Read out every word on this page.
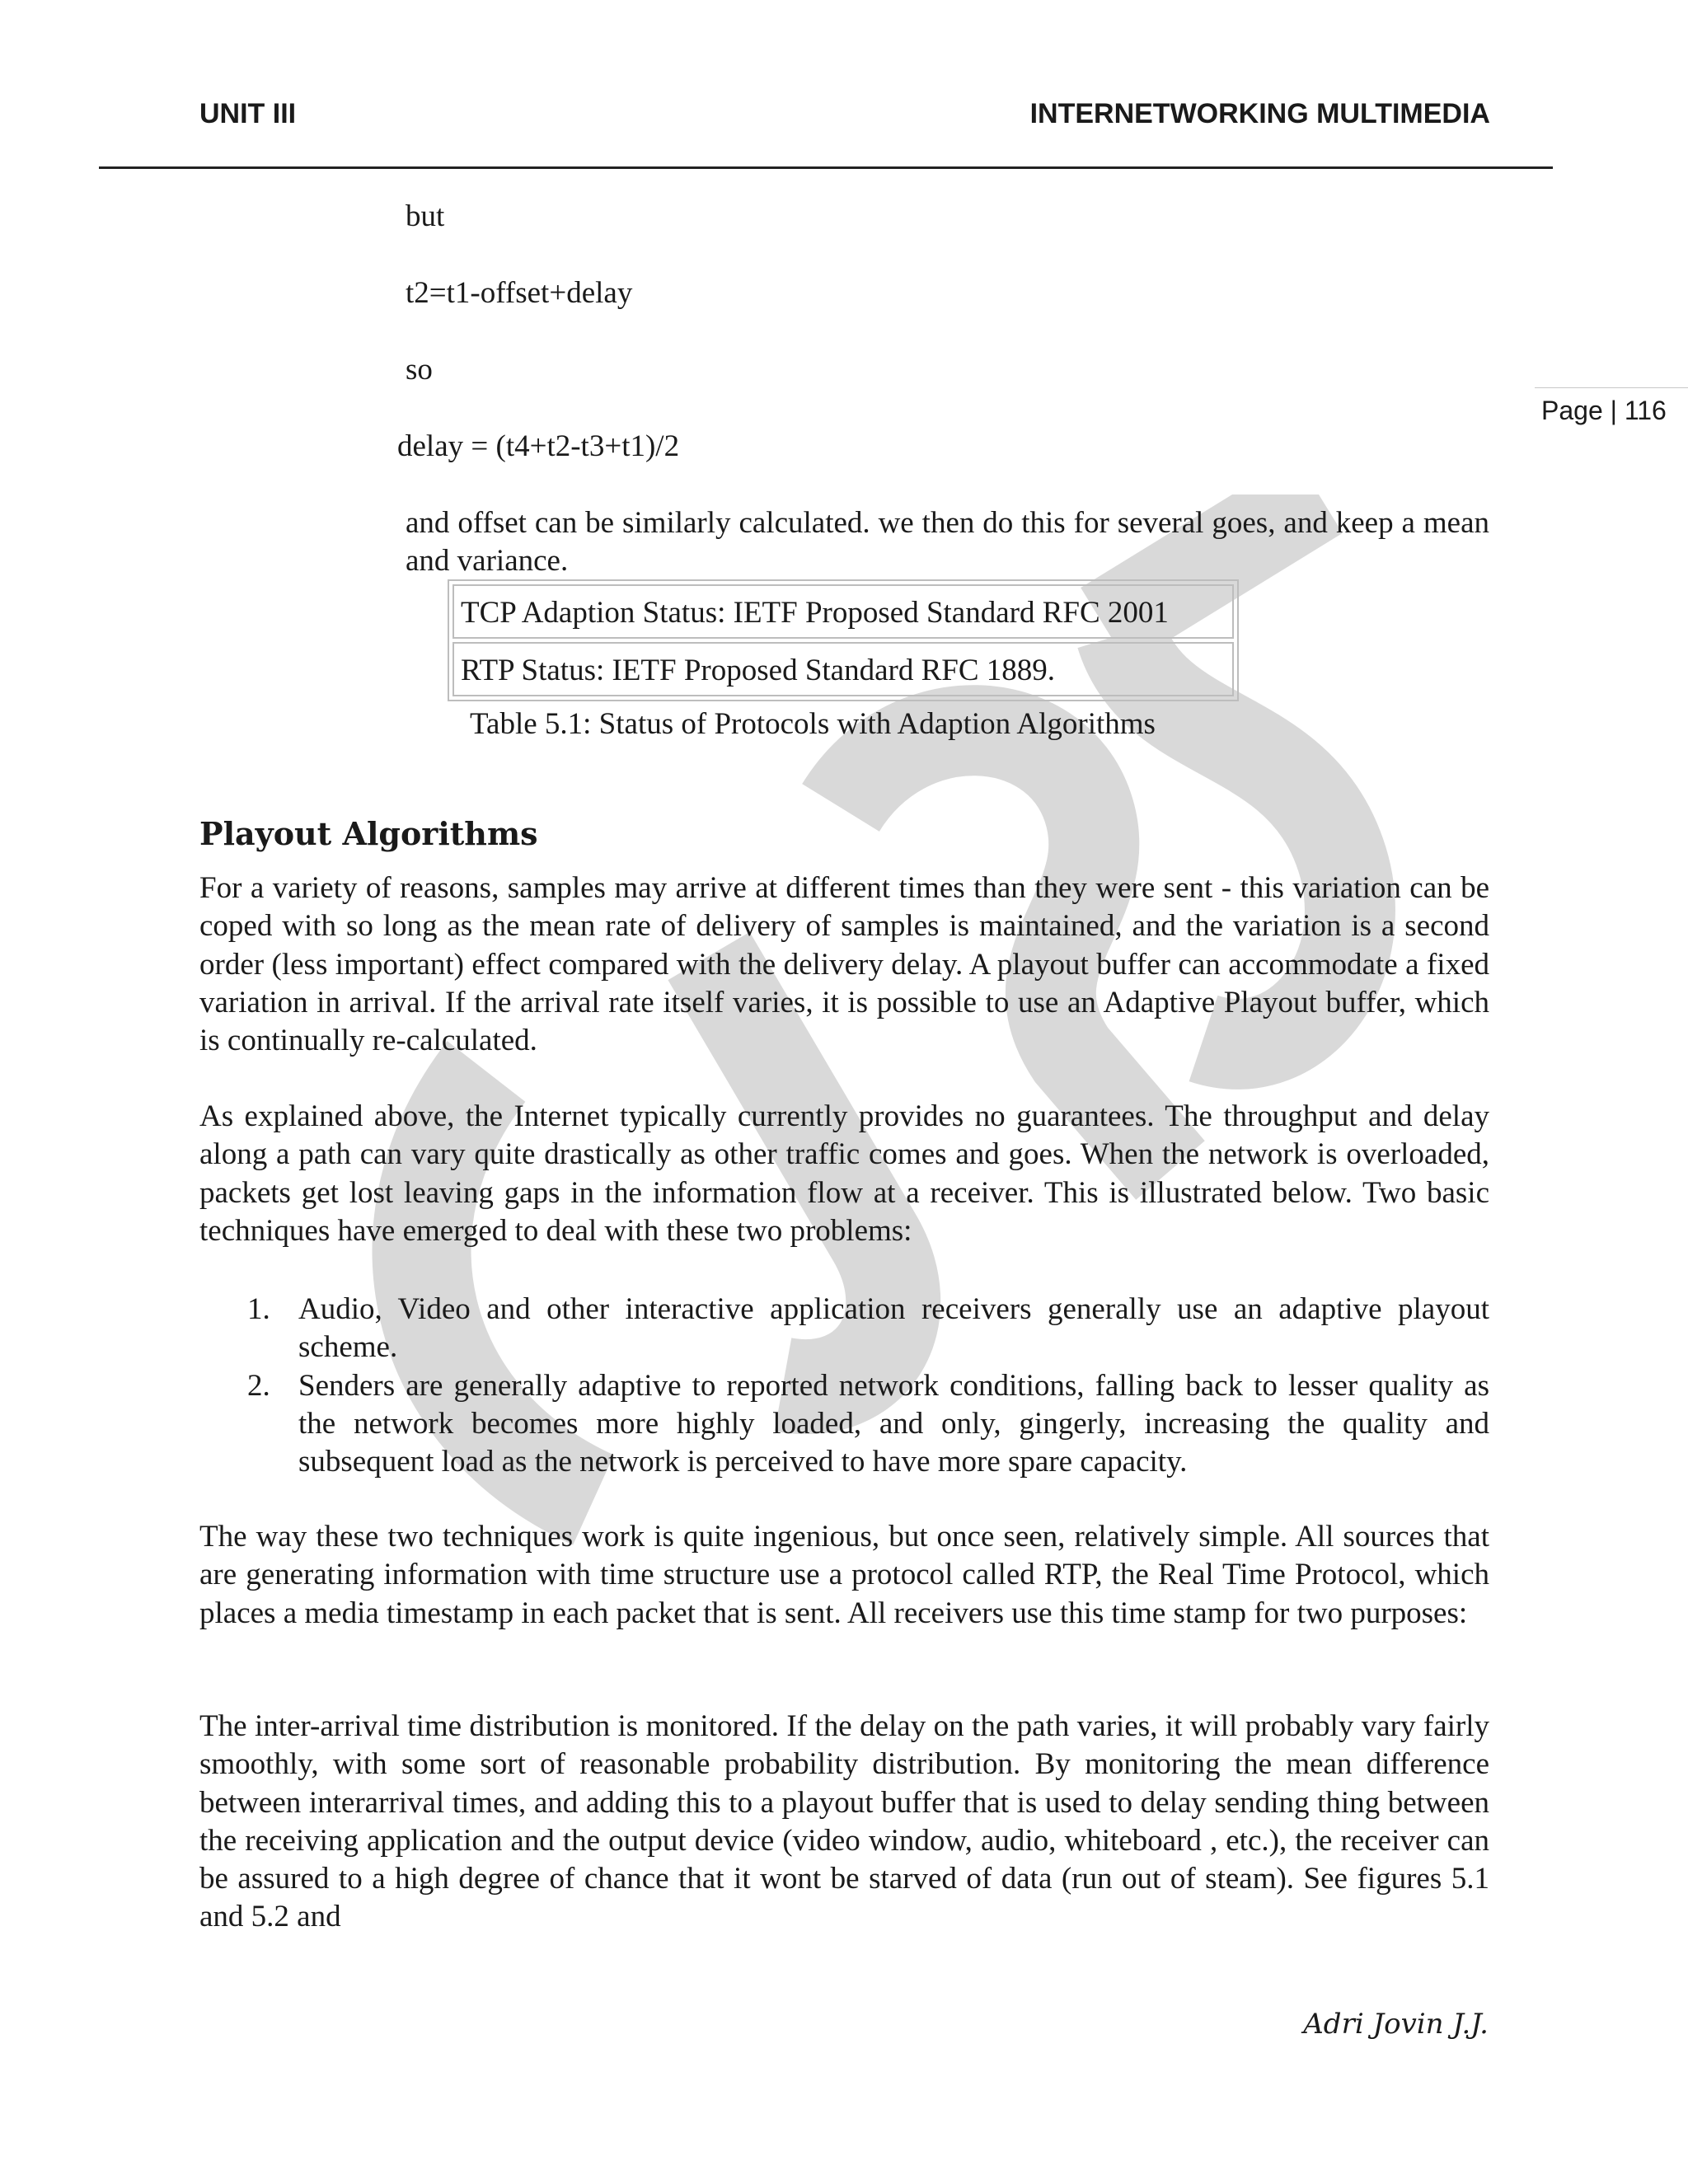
UNIT III	INTERNETWORKING MULTIMEDIA
Page | 116
but
t2=t1-offset+delay
so
delay = (t4+t2-t3+t1)/2
and offset can be similarly calculated. we then do this for several goes, and keep a mean and variance.
TCP Adaption Status: IETF Proposed Standard RFC 2001
RTP Status: IETF Proposed Standard RFC 1889.
Table 5.1: Status of Protocols with Adaption Algorithms
Playout Algorithms
For a variety of reasons, samples may arrive at different times than they were sent - this variation can be coped with so long as the mean rate of delivery of samples is maintained, and the variation is a second order (less important) effect compared with the delivery delay. A playout buffer can accommodate a fixed variation in arrival. If the arrival rate itself varies, it is possible to use an Adaptive Playout buffer, which is continually re-calculated.
As explained above, the Internet typically currently provides no guarantees. The throughput and delay along a path can vary quite drastically as other traffic comes and goes. When the network is overloaded, packets get lost leaving gaps in the information flow at a receiver. This is illustrated below. Two basic techniques have emerged to deal with these two problems:
1. Audio, Video and other interactive application receivers generally use an adaptive playout scheme.
2. Senders are generally adaptive to reported network conditions, falling back to lesser quality as the network becomes more highly loaded, and only, gingerly, increasing the quality and subsequent load as the network is perceived to have more spare capacity.
The way these two techniques work is quite ingenious, but once seen, relatively simple. All sources that are generating information with time structure use a protocol called RTP, the Real Time Protocol, which places a media timestamp in each packet that is sent. All receivers use this time stamp for two purposes:
The inter-arrival time distribution is monitored. If the delay on the path varies, it will probably vary fairly smoothly, with some sort of reasonable probability distribution. By monitoring the mean difference between interarrival times, and adding this to a playout buffer that is used to delay sending thing between the receiving application and the output device (video window, audio, whiteboard , etc.), the receiver can be assured to a high degree of chance that it wont be starved of data (run out of steam). See figures 5.1 and 5.2 and
Adri Jovin J.J.
